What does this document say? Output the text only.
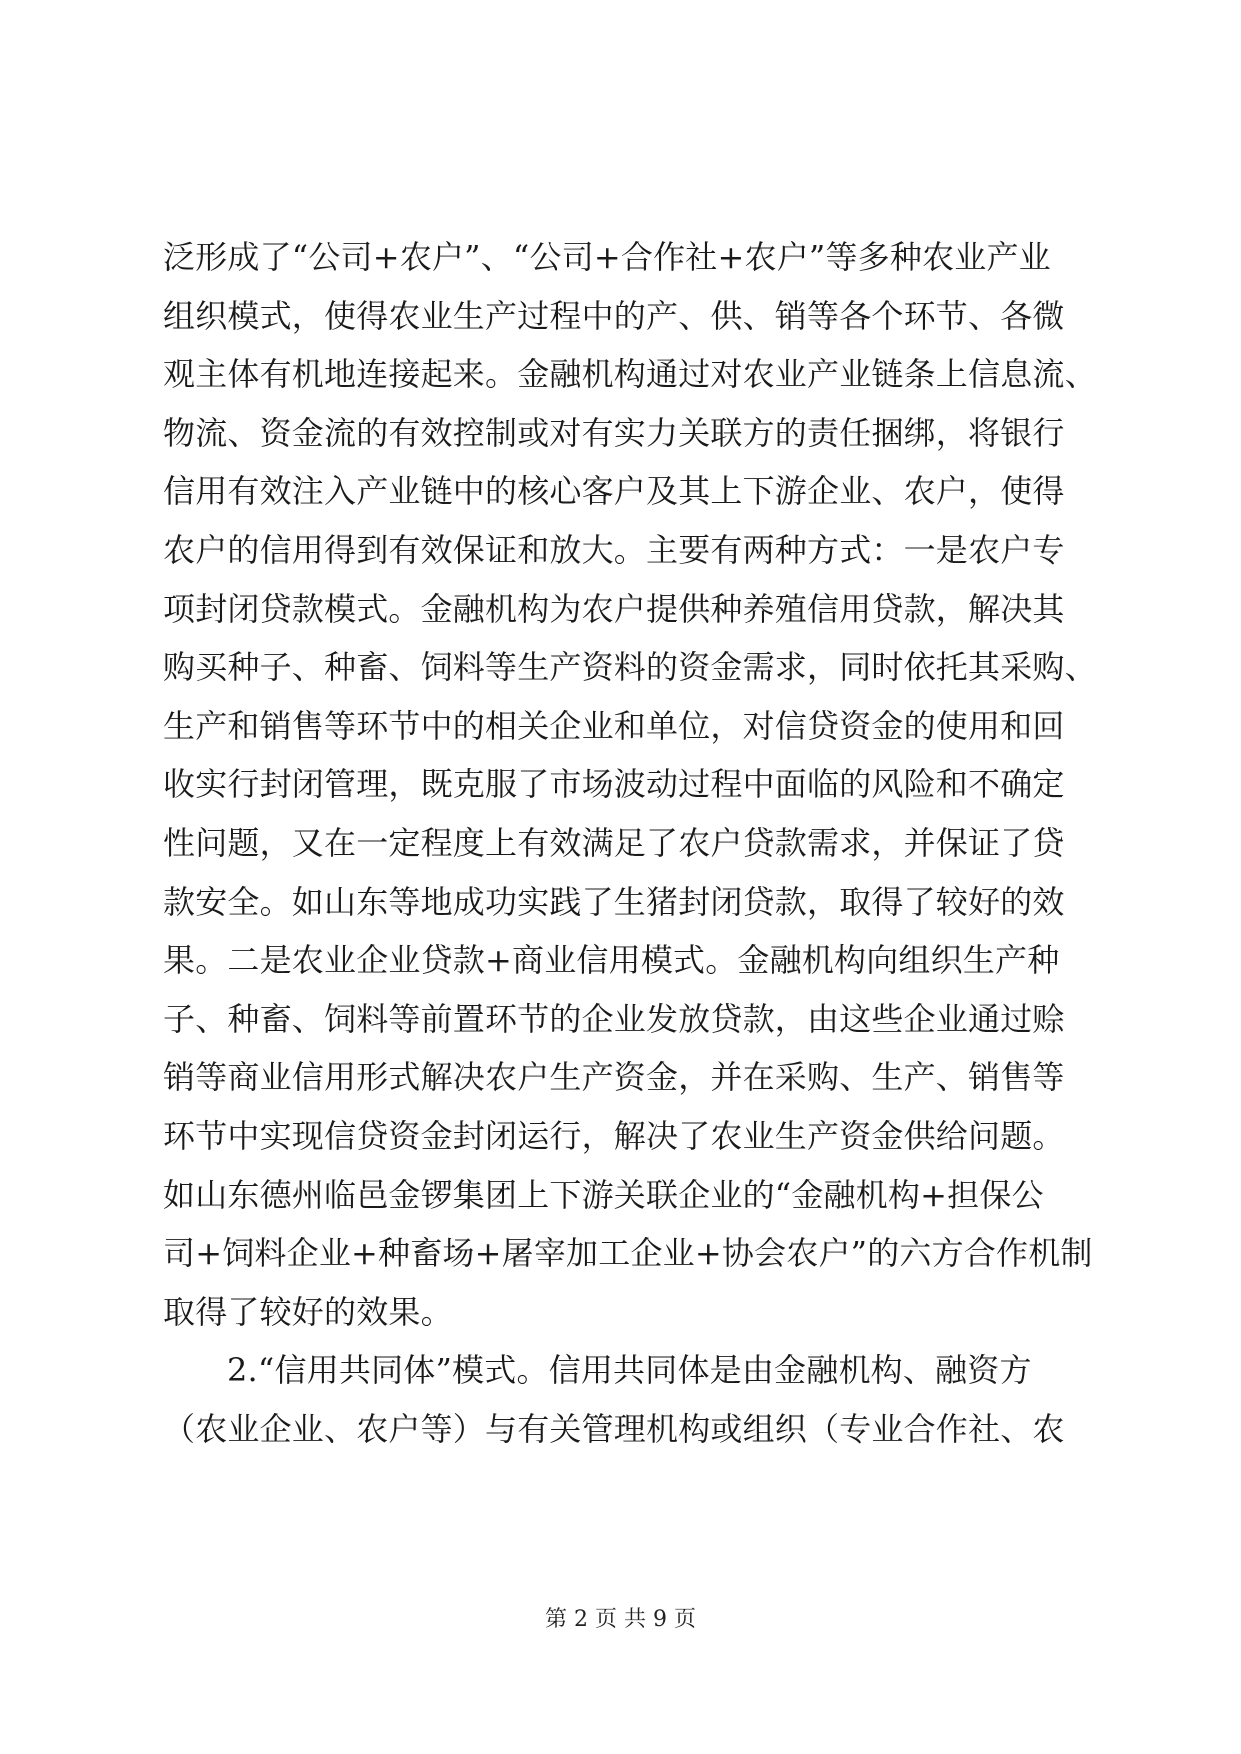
泛形成了“公司+农户”、“公司+合作社+农户”等多种农业产业
组织模式，使得农业生产过程中的产、供、销等各个环节、各微
观主体有机地连接起来。金融机构通过对农业产业链条上信息流、
物流、资金流的有效控制或对有实力关联方的责任捆绑，将银行
信用有效注入产业链中的核心客户及其上下游企业、农户，使得
农户的信用得到有效保证和放大。主要有两种方式：一是农户专
项封闭贷款模式。金融机构为农户提供种养殖信用贷款，解决其
购买种子、种畜、饲料等生产资料的资金需求，同时依托其采购、
生产和销售等环节中的相关企业和单位，对信贷资金的使用和回
收实行封闭管理，既克服了市场波动过程中面临的风险和不确定
性问题，又在一定程度上有效满足了农户贷款需求，并保证了贷
款安全。如山东等地成功实践了生猪封闭贷款，取得了较好的效
果。二是农业企业贷款+商业信用模式。金融机构向组织生产种
子、种畜、饲料等前置环节的企业发放贷款，由这些企业通过赊
销等商业信用形式解决农户生产资金，并在采购、生产、销售等
环节中实现信贷资金封闭运行，解决了农业生产资金供给问题。
如山东德州临邑金锣集团上下游关联企业的“金融机构+担保公
司+饲料企业+种畜场+屠宰加工企业+协会农户”的六方合作机制
取得了较好的效果。
2.“信用共同体”模式。信用共同体是由金融机构、融资方
（农业企业、农户等）与有关管理机构或组织（专业合作社、农
第 2 页 共 9 页
